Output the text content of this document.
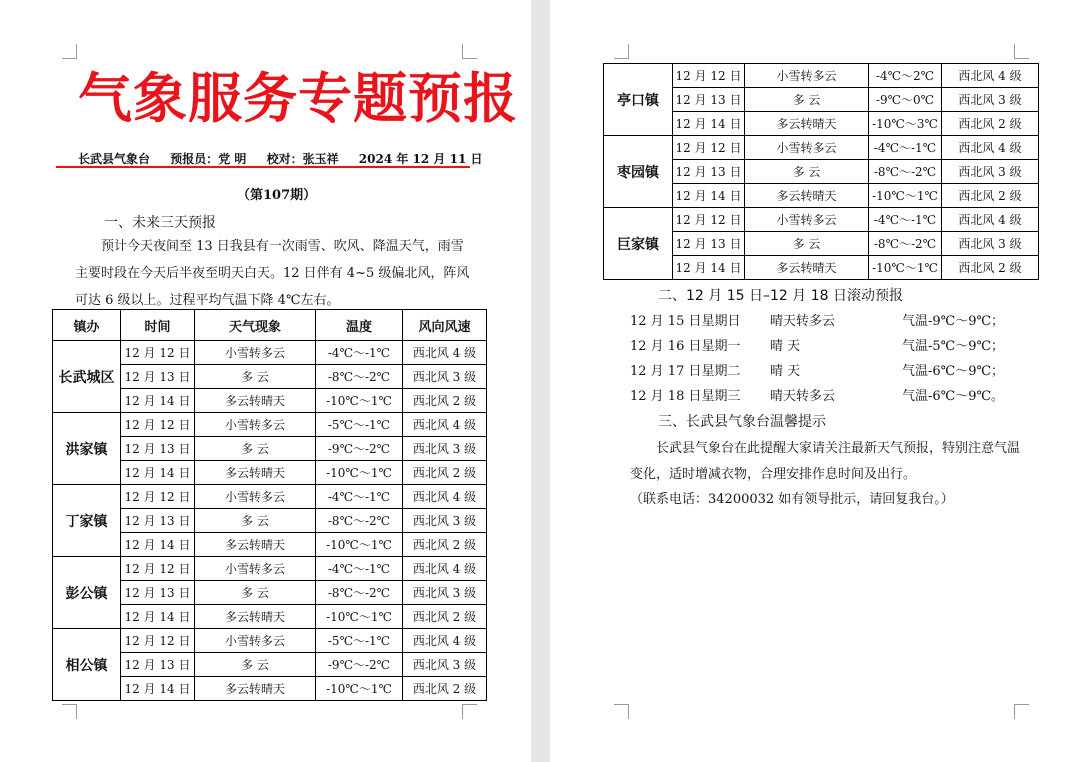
气象服务专题预报
长武县气象台 预报员：党 明 校对：张玉祥 2024 年 12 月 11 日
（第107期）
一、未来三天预报
预计今天夜间至 13 日我县有一次雨雪、吹风、降温天气，雨雪主要时段在今天后半夜至明天白天。12 日伴有 4~5 级偏北风，阵风可达 6 级以上。过程平均气温下降 4℃左右。
镇办	时间	天气现象	温度	风向风速
长武城区	12 月 12 日	小雪转多云	-4℃～-1℃	西北风 4 级
	12 月 13 日	多 云	-8℃～-2℃	西北风 3 级
	12 月 14 日	多云转晴天	-10℃～1℃	西北风 2 级
洪家镇	12 月 12 日	小雪转多云	-5℃～-1℃	西北风 4 级
	12 月 13 日	多 云	-9℃～-2℃	西北风 3 级
	12 月 14 日	多云转晴天	-10℃～1℃	西北风 2 级
丁家镇	12 月 12 日	小雪转多云	-4℃～-1℃	西北风 4 级
	12 月 13 日	多 云	-8℃～-2℃	西北风 3 级
	12 月 14 日	多云转晴天	-10℃～1℃	西北风 2 级
彭公镇	12 月 12 日	小雪转多云	-4℃～-1℃	西北风 4 级
	12 月 13 日	多 云	-8℃～-2℃	西北风 3 级
	12 月 14 日	多云转晴天	-10℃～1℃	西北风 2 级
相公镇	12 月 12 日	小雪转多云	-5℃～-1℃	西北风 4 级
	12 月 13 日	多 云	-9℃～-2℃	西北风 3 级
	12 月 14 日	多云转晴天	-10℃～1℃	西北风 2 级
亭口镇	12 月 12 日	小雪转多云	-4℃～2℃	西北风 4 级
	12 月 13 日	多 云	-9℃～0℃	西北风 3 级
	12 月 14 日	多云转晴天	-10℃～3℃	西北风 2 级
枣园镇	12 月 12 日	小雪转多云	-4℃～-1℃	西北风 4 级
	12 月 13 日	多 云	-8℃～-2℃	西北风 3 级
	12 月 14 日	多云转晴天	-10℃～1℃	西北风 2 级
巨家镇	12 月 12 日	小雪转多云	-4℃～-1℃	西北风 4 级
	12 月 13 日	多 云	-8℃～-2℃	西北风 3 级
	12 月 14 日	多云转晴天	-10℃～1℃	西北风 2 级
二、12 月 15 日–12 月 18 日滚动预报
12 月 15 日星期日 晴天转多云	气温-9℃～9℃；
12 月 16 日星期一 晴 天	气温-5℃～9℃；
12 月 17 日星期二 晴 天	气温-6℃～9℃；
12 月 18 日星期三 晴天转多云	气温-6℃～9℃。
三、长武县气象台温馨提示
长武县气象台在此提醒大家请关注最新天气预报，特别注意气温变化，适时增减衣物，合理安排作息时间及出行。
（联系电话：34200032 如有领导批示，请回复我台。）
